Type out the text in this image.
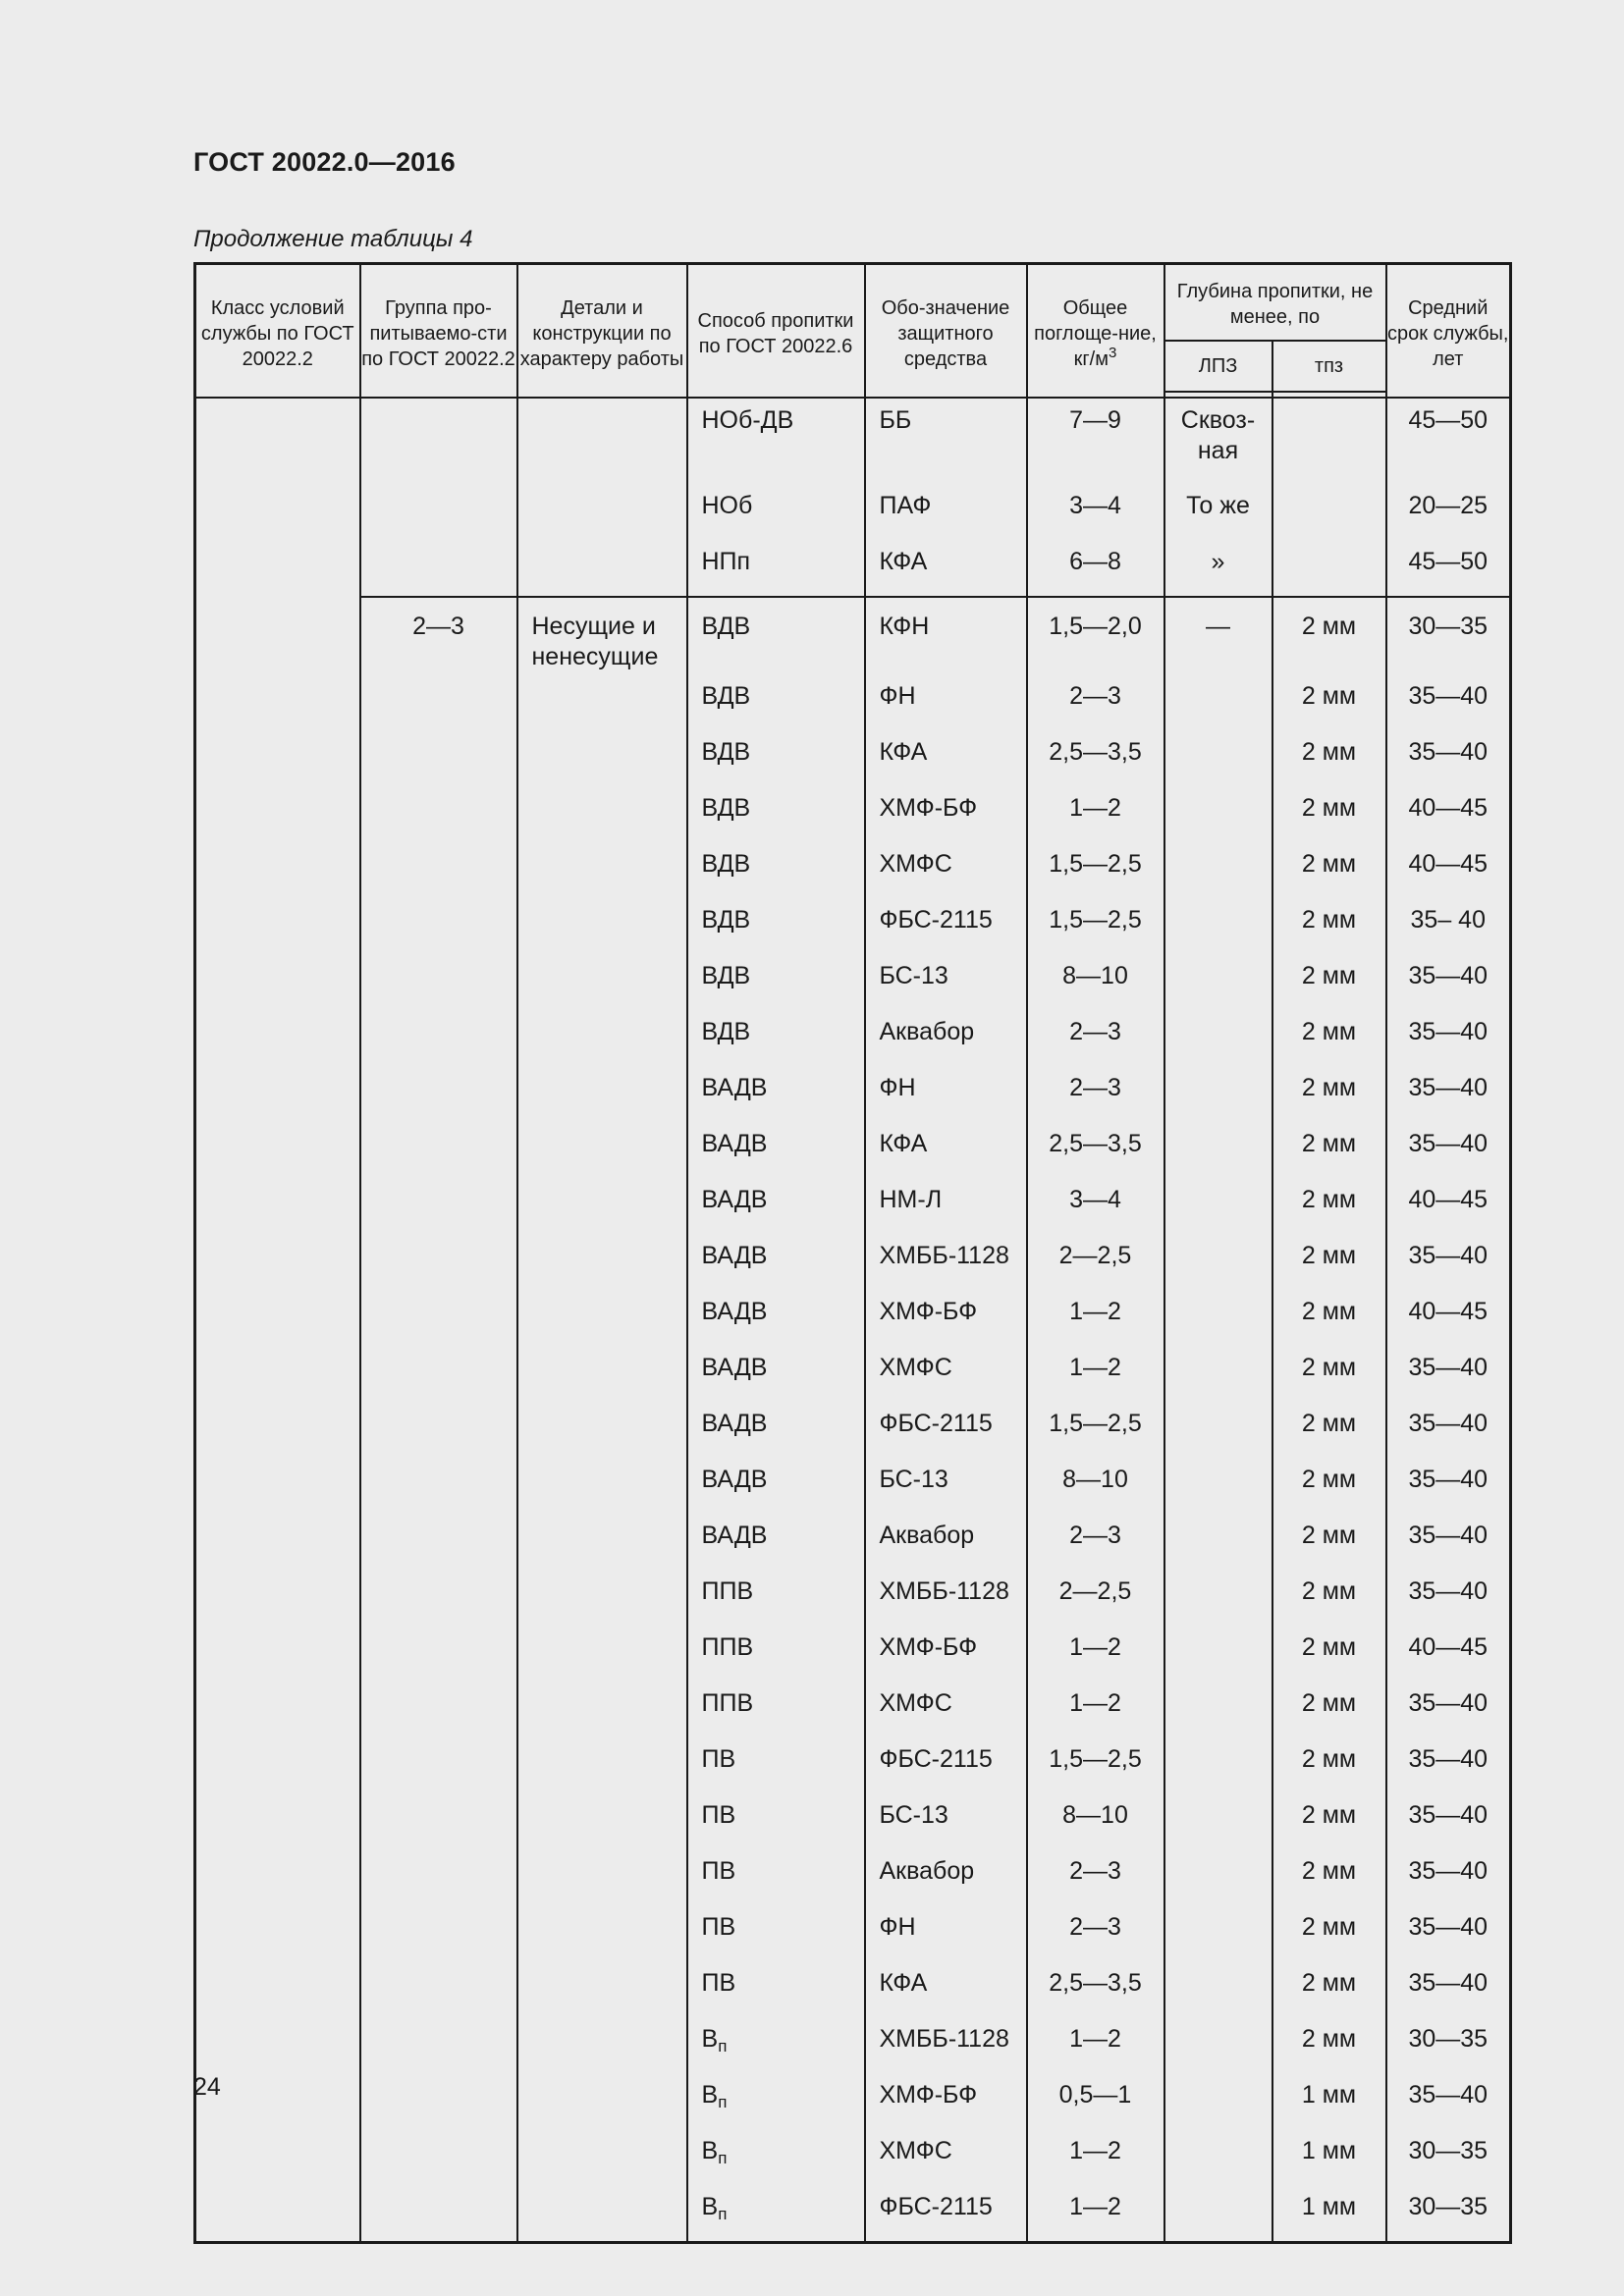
ГОСТ 20022.0—2016
Продолжение таблицы 4
Класс условий службы по ГОСТ 20022.2	Группа про-питываемо-сти по ГОСТ 20022.2	Детали и конструкции по характеру работы	Способ пропитки по ГОСТ 20022.6	Обо-значение защитного средства	Общее поглоще-ние, $кг/м^3$	Глубина пропитки, не менее, по		Средний срок службы, лет
						ЛПЗ	тпз	

			НОб-ДВ	ББ	7—9	Сквоз-ная		45—50
			НОб	ПАФ	3—4	То же		20—25
			НПп	КФА	6—8	»		45—50
	2—3	Несущие и ненесущие	ВДВ	КФН	1,5—2,0	—	2 мм	30—35
			ВДВ	ФН	2—3		2 мм	35—40
			ВДВ	КФА	2,5—3,5		2 мм	35—40
			ВДВ	ХМФ-БФ	1—2		2 мм	40—45
			ВДВ	ХМФС	1,5—2,5		2 мм	40—45
			ВДВ	ФБС-2115	1,5—2,5		2 мм	35– 40
			ВДВ	БС-13	8—10		2 мм	35—40
			ВДВ	Аквабор	2—3		2 мм	35—40
			ВАДВ	ФН	2—3		2 мм	35—40
			ВАДВ	КФА	2,5—3,5		2 мм	35—40
			ВАДВ	НМ-Л	3—4		2 мм	40—45
			ВАДВ	ХМББ-1128	2—2,5		2 мм	35—40
			ВАДВ	ХМФ-БФ	1—2		2 мм	40—45
			ВАДВ	ХМФС	1—2		2 мм	35—40
			ВАДВ	ФБС-2115	1,5—2,5		2 мм	35—40
			ВАДВ	БС-13	8—10		2 мм	35—40
			ВАДВ	Аквабор	2—3		2 мм	35—40
			ППВ	ХМББ-1128	2—2,5		2 мм	35—40
			ППВ	ХМФ-БФ	1—2		2 мм	40—45
			ППВ	ХМФС	1—2		2 мм	35—40
			ПВ	ФБС-2115	1,5—2,5		2 мм	35—40
			ПВ	БС-13	8—10		2 мм	35—40
			ПВ	Аквабор	2—3		2 мм	35—40
			ПВ	ФН	2—3		2 мм	35—40
			ПВ	КФА	2,5—3,5		2 мм	35—40
			$В_п$	ХМББ-1128	1—2		2 мм	30—35
			$В_п$	ХМФ-БФ	0,5—1		1 мм	35—40
			$В_п$	ХМФС	1—2		1 мм	30—35
			$В_п$	ФБС-2115	1—2		1 мм	30—35
24
